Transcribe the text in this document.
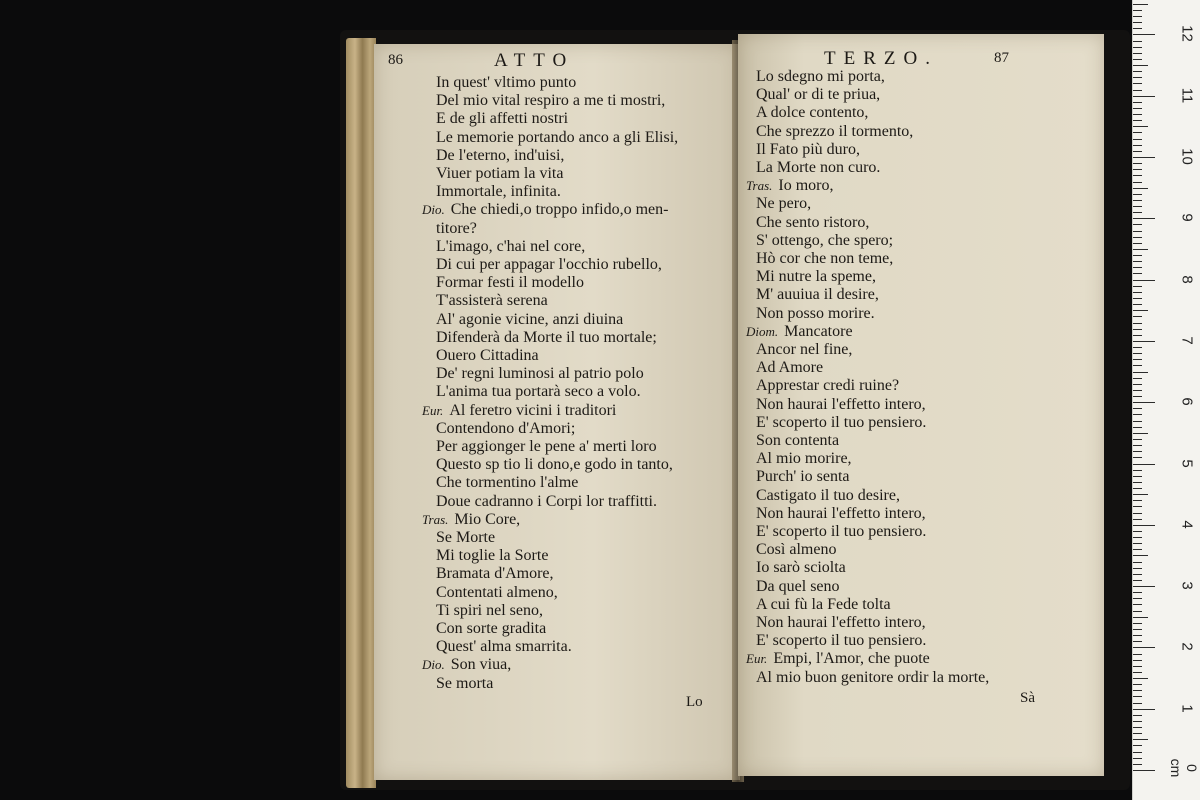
86	ATTO
In quest' vltimo punto
Del mio vital respiro a me ti mostri,
E de gli affetti nostri
Le memorie portando anco a gli Elisi,
De l'eterno, ind'uisi,
Viuer potiam la vita
Immortale, infinita.
Dio. Che chiedi,o troppo infido,o men-
titore?
L'imago, c'hai nel core,
Di cui per appagar l'occhio rubello,
Formar festi il modello
T'assisterà serena
Al' agonie vicine, anzi diuina
Difenderà da Morte il tuo mortale;
Ouero Cittadina
De' regni luminosi al patrio polo
L'anima tua portarà seco a volo.
Eur. Al feretro vicini i traditori
Contendono d'Amori;
Per aggionger le pene a' merti loro
Questo sp tio li dono,e godo in tanto,
Che tormentino l'alme
Doue cadranno i Corpi lor traffitti.
Tras. Mio Core,
Se Morte
Mi toglie la Sorte
Bramata d'Amore,
Contentati almeno,
Ti spiri nel seno,
Con sorte gradita
Quest' alma smarrita.
Dio. Son viua,
Se morta
Lo
TERZO.	87
Lo sdegno mi porta,
Qual' or di te priua,
A dolce contento,
Che sprezzo il tormento,
Il Fato più duro,
La Morte non curo.
Tras. Io moro,
Ne pero,
Che sento ristoro,
S' ottengo, che spero;
Hò cor che non teme,
Mi nutre la speme,
M' auuiua il desire,
Non posso morire.
Diom. Mancatore
Ancor nel fine,
Ad Amore
Apprestar credi ruine?
Non haurai l'effetto intero,
E' scoperto il tuo pensiero.
Son contenta
Al mio morire,
Purch' io senta
Castigato il tuo desire,
Non haurai l'effetto intero,
E' scoperto il tuo pensiero.
Così almeno
Io sarò sciolta
Da quel seno
A cui fù la Fede tolta
Non haurai l'effetto intero,
E' scoperto il tuo pensiero.
Eur. Empi, l'Amor, che puote
Al mio buon genitore ordir la morte,
Sà
1
2
3
4
5
6
7
8
9
10
11
12
0 cm
